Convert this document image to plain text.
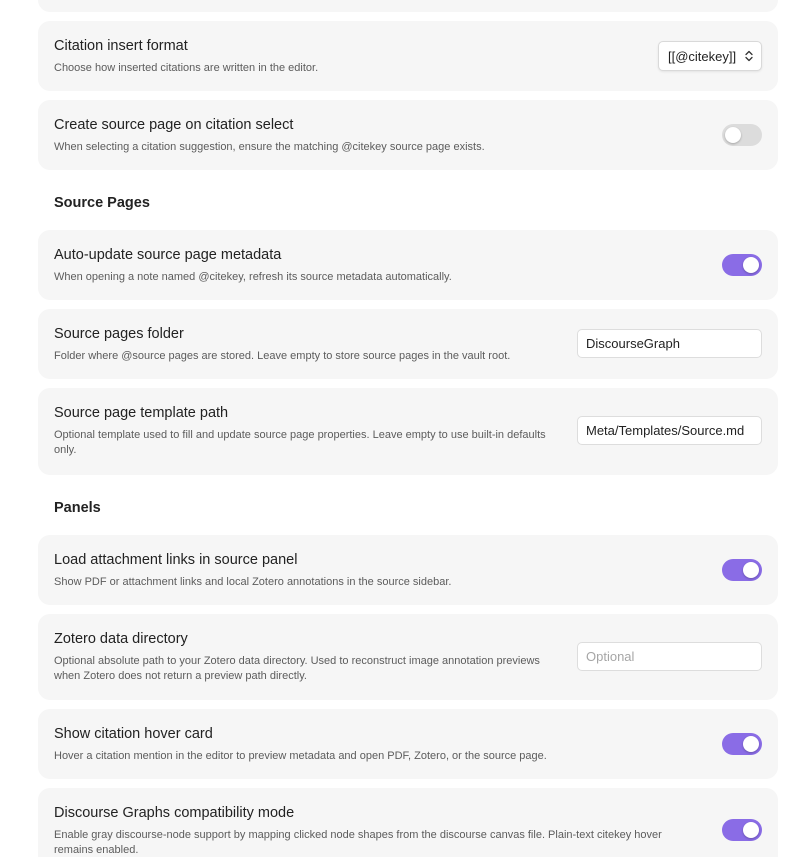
Citation insert format
Choose how inserted citations are written in the editor.
[[@citekey]]
Create source page on citation select
When selecting a citation suggestion, ensure the matching @citekey source page exists.
Source Pages
Auto-update source page metadata
When opening a note named @citekey, refresh its source metadata automatically.
Source pages folder
Folder where @source pages are stored. Leave empty to store source pages in the vault root.
DiscourseGraph
Source page template path
Optional template used to fill and update source page properties. Leave empty to use built-in defaults only.
Meta/Templates/Source.md
Panels
Load attachment links in source panel
Show PDF or attachment links and local Zotero annotations in the source sidebar.
Zotero data directory
Optional absolute path to your Zotero data directory. Used to reconstruct image annotation previews when Zotero does not return a preview path directly.
Optional
Show citation hover card
Hover a citation mention in the editor to preview metadata and open PDF, Zotero, or the source page.
Discourse Graphs compatibility mode
Enable gray discourse-node support by mapping clicked node shapes from the discourse canvas file. Plain-text citekey hover remains enabled.
